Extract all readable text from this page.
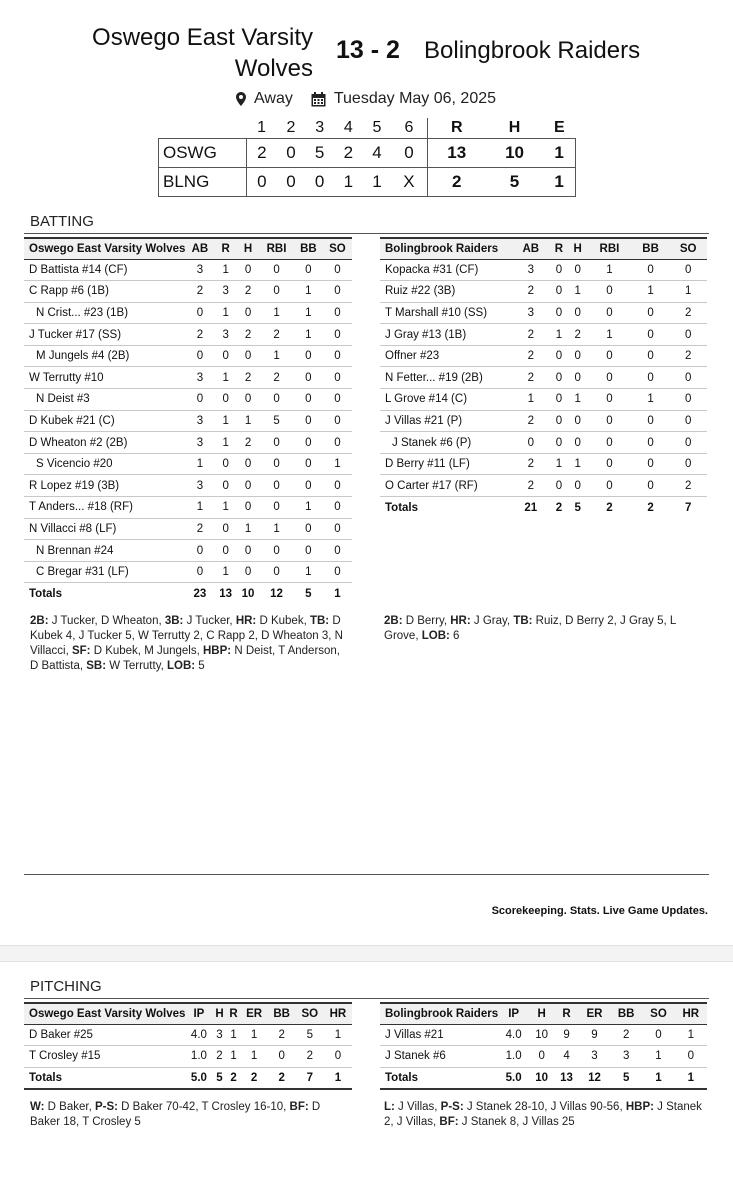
Oswego East Varsity Wolves
13 - 2 Bolingbrook Raiders
Away	Tuesday May 06, 2025
	1	2	3	4	5	6	R	H	E
OSWG	2	0	5	2	4	0	13	10	1
BLNG	0	0	0	1	1	X	2	5	1
BATTING
Oswego East Varsity Wolves	AB	R	H	RBI	BB	SO
D Battista #14 (CF)	3	1	0	0	0	0
C Rapp #6 (1B)	2	3	2	0	1	0
N Crist... #23 (1B)	0	1	0	1	1	0
J Tucker #17 (SS)	2	3	2	2	1	0
M Jungels #4 (2B)	0	0	0	1	0	0
W Terrutty #10	3	1	2	2	0	0
N Deist #3	0	0	0	0	0	0
D Kubek #21 (C)	3	1	1	5	0	0
D Wheaton #2 (2B)	3	1	2	0	0	0
S Vicencio #20	1	0	0	0	0	1
R Lopez #19 (3B)	3	0	0	0	0	0
T Anders... #18 (RF)	1	1	0	0	1	0
N Villacci #8 (LF)	2	0	1	1	0	0
N Brennan #24	0	0	0	0	0	0
C Bregar #31 (LF)	0	1	0	0	1	0
Totals	23	13	10	12	5	1
Bolingbrook Raiders	AB	R	H	RBI	BB	SO
Kopacka #31 (CF)	3	0	0	1	0	0
Ruiz #22 (3B)	2	0	1	0	1	1
T Marshall #10 (SS)	3	0	0	0	0	2
J Gray #13 (1B)	2	1	2	1	0	0
Offner #23	2	0	0	0	0	2
N Fetter... #19 (2B)	2	0	0	0	0	0
L Grove #14 (C)	1	0	1	0	1	0
J Villas #21 (P)	2	0	0	0	0	0
J Stanek #6 (P)	0	0	0	0	0	0
D Berry #11 (LF)	2	1	1	0	0	0
O Carter #17 (RF)	2	0	0	0	0	2
Totals	21	2	5	2	2	7
2B: J Tucker, D Wheaton, 3B: J Tucker, HR: D Kubek, TB: D Kubek 4, J Tucker 5, W Terrutty 2, C Rapp 2, D Wheaton 3, N Villacci, SF: D Kubek, M Jungels, HBP: N Deist, T Anderson, D Battista, SB: W Terrutty, LOB: 5
2B: D Berry, HR: J Gray, TB: Ruiz, D Berry 2, J Gray 5, L Grove, LOB: 6
Scorekeeping. Stats. Live Game Updates.
PITCHING
Oswego East Varsity Wolves	IP	H	R	ER	BB	SO	HR
D Baker #25	4.0	3	1	1	2	5	1
T Crosley #15	1.0	2	1	1	0	2	0
Totals	5.0	5	2	2	2	7	1
Bolingbrook Raiders	IP	H	R	ER	BB	SO	HR
J Villas #21	4.0	10	9	9	2	0	1
J Stanek #6	1.0	0	4	3	3	1	0
Totals	5.0	10	13	12	5	1	1
W: D Baker, P-S: D Baker 70-42, T Crosley 16-10, BF: D Baker 18, T Crosley 5
L: J Villas, P-S: J Stanek 28-10, J Villas 90-56, HBP: J Stanek 2, J Villas, BF: J Stanek 8, J Villas 25
